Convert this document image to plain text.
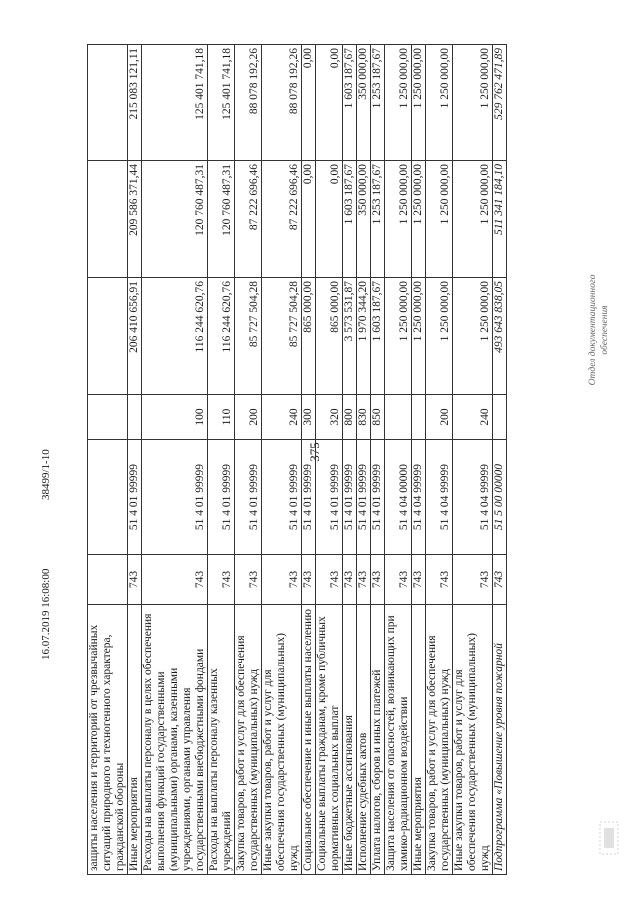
375
защиты населения и территорий от чрезвычайных ситуаций природного и техногенного характера, гражданской обороны						
Иные мероприятия	743	51 4 01 99999		206 410 656,91	209 586 371,44	215 083 121,11
Расходы на выплаты персоналу в целях обеспечения выполнения функций государственными (муниципальными) органами, казенными учреждениями, органами управления государственными внебюджетными фондами	743	51 4 01 99999	100	116 244 620,76	120 760 487,31	125 401 741,18
Расходы на выплаты персоналу казенных учреждений	743	51 4 01 99999	110	116 244 620,76	120 760 487,31	125 401 741,18
Закупка товаров, работ и услуг для обеспечения государственных (муниципальных) нужд	743	51 4 01 99999	200	85 727 504,28	87 222 696,46	88 078 192,26
Иные закупки товаров, работ и услуг для обеспечения государственных (муниципальных) нужд	743	51 4 01 99999	240	85 727 504,28	87 222 696,46	88 078 192,26
Социальное обеспечение и иные выплаты населению	743	51 4 01 99999	300	865 000,00	0,00	0,00
Социальные выплаты гражданам, кроме публичных нормативных социальных выплат	743	51 4 01 99999	320	865 000,00	0,00	0,00
Иные бюджетные ассигнования	743	51 4 01 99999	800	3 573 531,87	1 603 187,67	1 603 187,67
Исполнение судебных актов	743	51 4 01 99999	830	1 970 344,20	350 000,00	350 000,00
Уплата налогов, сборов и иных платежей	743	51 4 01 99999	850	1 603 187,67	1 253 187,67	1 253 187,67
Защита населения от опасностей, возникающих при химико-радиационном воздействии	743	51 4 04 00000		1 250 000,00	1 250 000,00	1 250 000,00
Иные мероприятия	743	51 4 04 99999		1 250 000,00	1 250 000,00	1 250 000,00
Закупка товаров, работ и услуг для обеспечения государственных (муниципальных) нужд	743	51 4 04 99999	200	1 250 000,00	1 250 000,00	1 250 000,00
Иные закупки товаров, работ и услуг для обеспечения государственных (муниципальных) нужд	743	51 4 04 99999	240	1 250 000,00	1 250 000,00	1 250 000,00
Подпрограмма «Повышение уровня пожарной	743	51 5 00 00000		493 643 838,05	511 341 184,10	529 762 471,89
Отдел документационного обеспечения
16.07.2019 16:08:00
38499/1-10
